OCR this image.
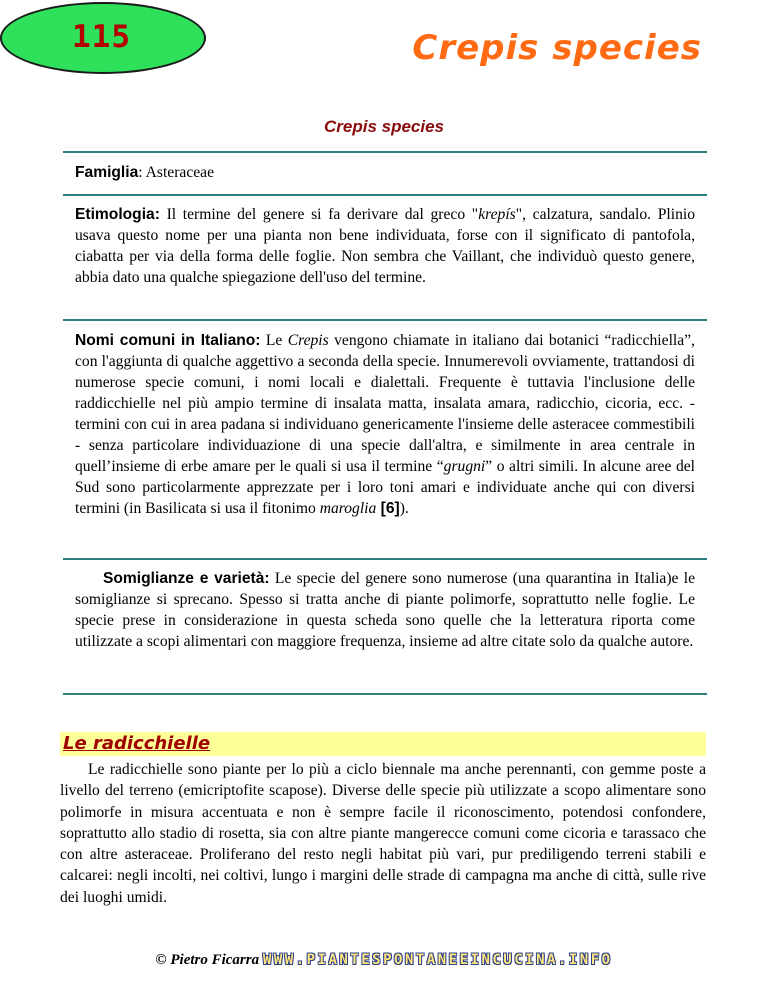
115	Crepis species
Crepis species
Famiglia: Asteraceae
Etimologia: Il termine del genere si fa derivare dal greco "krepís", calzatura, sandalo. Plinio usava questo nome per una pianta non bene individuata, forse con il significato di pantofola, ciabatta per via della forma delle foglie. Non sembra che Vaillant, che individuò questo genere, abbia dato una qualche spiegazione dell'uso del termine.
Nomi comuni in Italiano: Le Crepis vengono chiamate in italiano dai botanici “radicchiella”, con l'aggiunta di qualche aggettivo a seconda della specie. Innumerevoli ovviamente, trattandosi di numerose specie comuni, i nomi locali e dialettali. Frequente è tuttavia l'inclusione delle raddicchielle nel più ampio termine di insalata matta, insalata amara, radicchio, cicoria, ecc. - termini con cui in area padana si individuano genericamente l'insieme delle asteracee commestibili - senza particolare individuazione di una specie dall'altra, e similmente in area centrale in quell’insieme di erbe amare per le quali si usa il termine “grugni” o altri simili. In alcune aree del Sud sono particolarmente apprezzate per i loro toni amari e individuate anche qui con diversi termini (in Basilicata si usa il fitonimo maroglia [6]).
Somiglianze e varietà: Le specie del genere sono numerose (una quarantina in Italia)e le somiglianze si sprecano. Spesso si tratta anche di piante polimorfe, soprattutto nelle foglie. Le specie prese in considerazione in questa scheda sono quelle che la letteratura riporta come utilizzate a scopi alimentari con maggiore frequenza, insieme ad altre citate solo da qualche autore.
Le radicchielle
Le radicchielle sono piante per lo più a ciclo biennale ma anche perennanti, con gemme poste a livello del terreno (emicriptofite scapose). Diverse delle specie più utilizzate a scopo alimentare sono polimorfe in misura accentuata e non è sempre facile il riconoscimento, potendosi confondere, soprattutto allo stadio di rosetta, sia con altre piante mangerecce comuni come cicoria e tarassaco che con altre asteraceae. Proliferano del resto negli habitat più vari, pur prediligendo terreni stabili e calcarei: negli incolti, nei coltivi, lungo i margini delle strade di campagna ma anche di città, sulle rive dei luoghi umidi.
© Pietro Ficarra WWW.PIANTESPONTANEEINCUCINA.INFO
